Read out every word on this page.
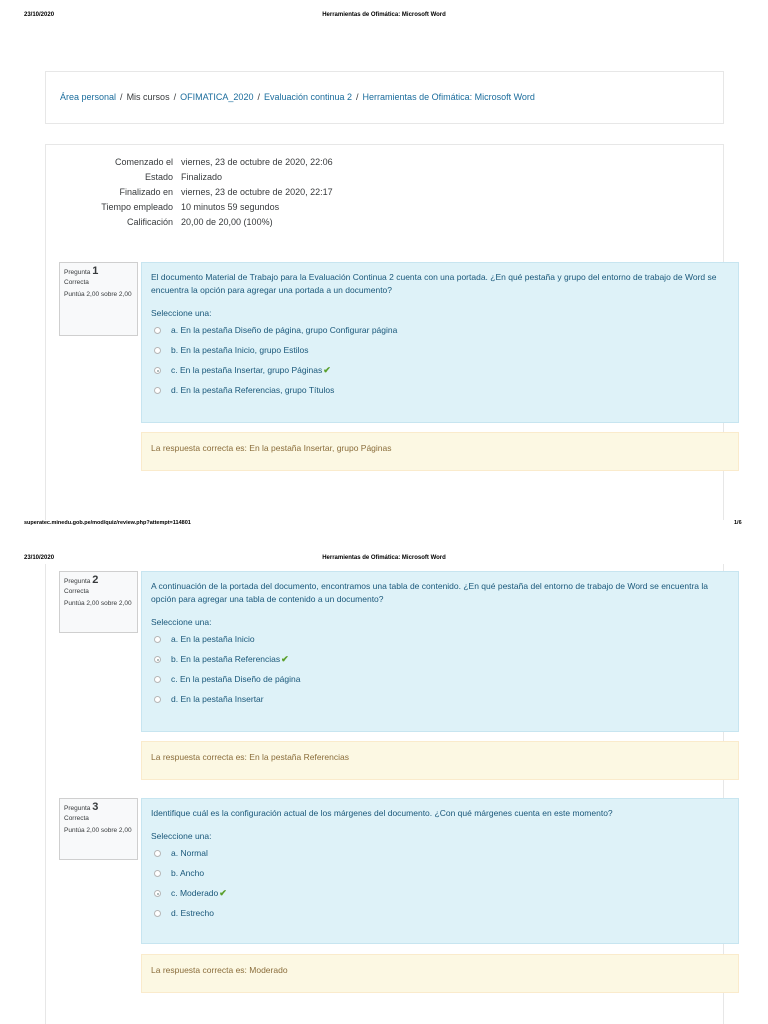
23/10/2020	Herramientas de Ofimática: Microsoft Word
Área personal / Mis cursos / OFIMATICA_2020 / Evaluación continua 2 / Herramientas de Ofimática: Microsoft Word
Comenzado el	viernes, 23 de octubre de 2020, 22:06
Estado	Finalizado
Finalizado en	viernes, 23 de octubre de 2020, 22:17
Tiempo empleado	10 minutos 59 segundos
Calificación	20,00 de 20,00 (100%)
Pregunta 1
Correcta
Puntúa 2,00 sobre 2,00
El documento Material de Trabajo para la Evaluación Continua 2 cuenta con una portada. ¿En qué pestaña y grupo del entorno de trabajo de Word se encuentra la opción para agregar una portada a un documento?
Seleccione una:
a. En la pestaña Diseño de página, grupo Configurar página
b. En la pestaña Inicio, grupo Estilos
c. En la pestaña Insertar, grupo Páginas ✔
d. En la pestaña Referencias, grupo Títulos
La respuesta correcta es: En la pestaña Insertar, grupo Páginas
superatec.minedu.gob.pe/mod/quiz/review.php?attempt=114801	1/6
23/10/2020	Herramientas de Ofimática: Microsoft Word
Pregunta 2
Correcta
Puntúa 2,00 sobre 2,00
A continuación de la portada del documento, encontramos una tabla de contenido. ¿En qué pestaña del entorno de trabajo de Word se encuentra la opción para agregar una tabla de contenido a un documento?
Seleccione una:
a. En la pestaña Inicio
b. En la pestaña Referencias ✔
c. En la pestaña Diseño de página
d. En la pestaña Insertar
La respuesta correcta es: En la pestaña Referencias
Pregunta 3
Correcta
Puntúa 2,00 sobre 2,00
Identifique cuál es la configuración actual de los márgenes del documento. ¿Con qué márgenes cuenta en este momento?
Seleccione una:
a. Normal
b. Ancho
c. Moderado ✔
d. Estrecho
La respuesta correcta es: Moderado
